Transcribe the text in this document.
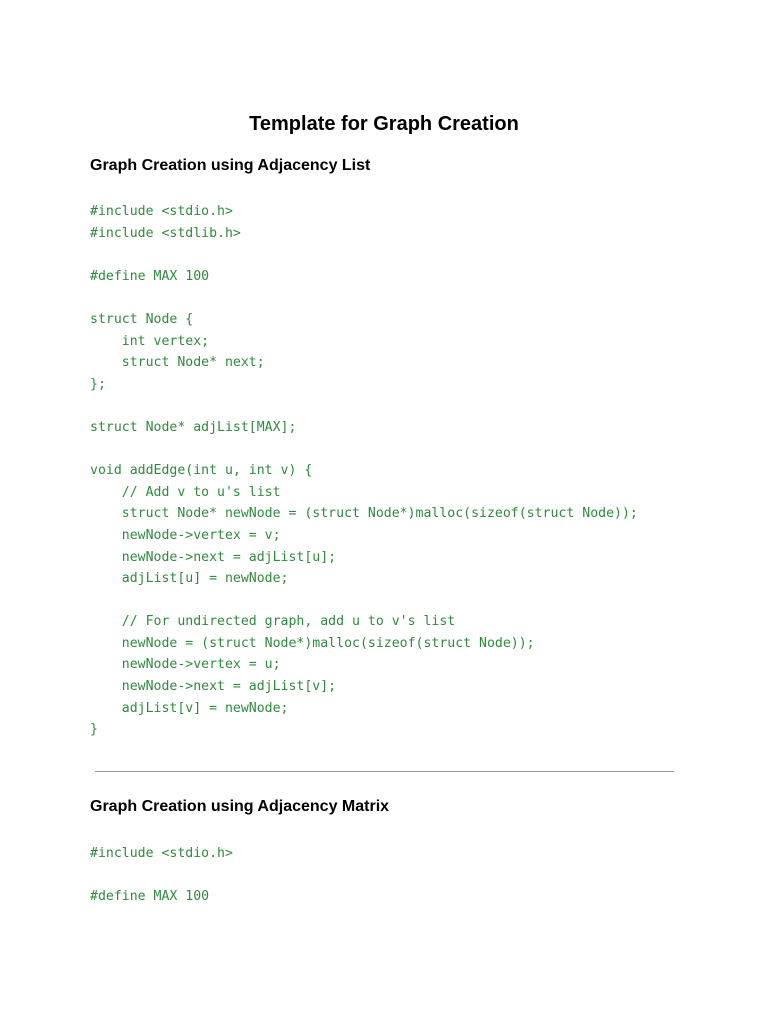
Template for Graph Creation
Graph Creation using Adjacency List
#include <stdio.h>
#include <stdlib.h>
#define MAX 100
struct Node {
int vertex;
struct Node* next;
};
struct Node* adjList[MAX];
void addEdge(int u, int v) {
// Add v to u's list
struct Node* newNode = (struct Node*)malloc(sizeof(struct Node));
newNode->vertex = v;
newNode->next = adjList[u];
adjList[u] = newNode;
// For undirected graph, add u to v's list
newNode = (struct Node*)malloc(sizeof(struct Node));
newNode->vertex = u;
newNode->next = adjList[v];
adjList[v] = newNode;
}
Graph Creation using Adjacency Matrix
#include <stdio.h>
#define MAX 100
